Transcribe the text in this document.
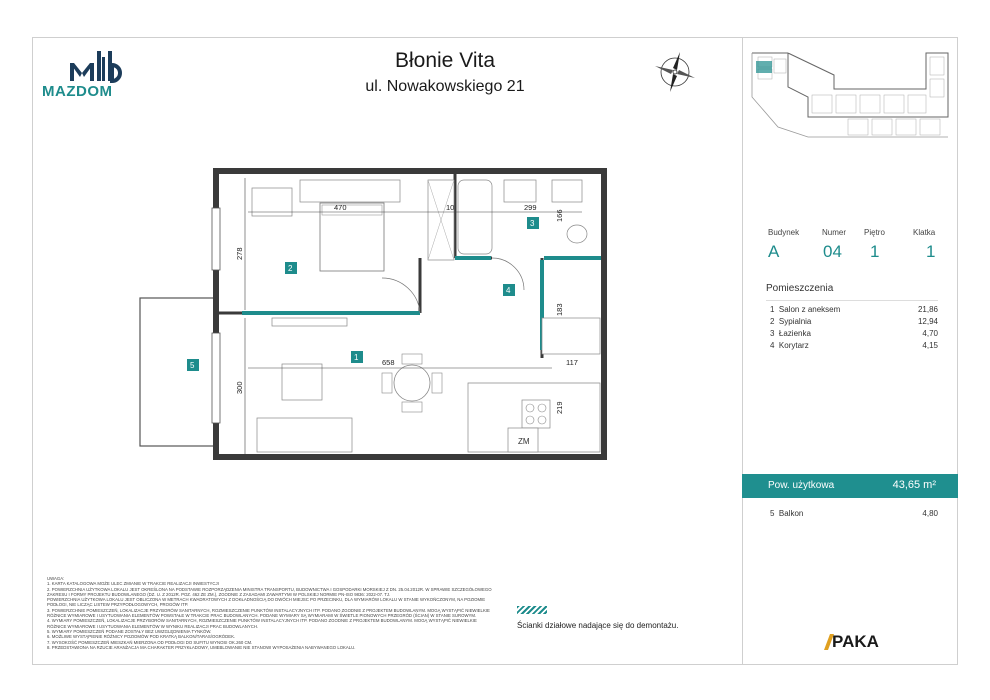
MAZDOM
Błonie Vita
ul. Nowakowskiego 21
ZM
470	10	299
166
278
183
658	117
300
219
2
1
3
4
5
Budynek	Numer Piętro	Klatka
A	04 1	1
Pomieszczenia
1 Salon z aneksem	21,86
2 Sypialnia	12,94
3 Łazienka	4,70
4 Korytarz	4,15
Pow. użytkowa	43,65 m²
5 Balkon	4,80

UWAGA:

1. KARTA KATALOGOWA MOŻE ULEC ZMIANIE W TRAKCIE REALIZACJI INWESTYCJI

2. POWIERZCHNIA UŻYTKOWA LOKALU JEST OKREŚLONA NA PODSTAWIE ROZPORZĄDZENIA MINISTRA TRANSPORTU, BUDOWNICTWA I GOSPODARKI MORSKIEJ Z DN. 25.04.2012R. W SPRAWIE SZCZEGÓŁOWEGO ZAKRESU I FORMY PROJEKTU BUDOWLANEGO (DZ. U. Z 2012R. POZ. 462 ZE ZM.), ZGODNIE Z ZASADAMI ZAWARTYMI W POLSKIEJ NORMIE PN-ISO 9836: 2022-07. TJ.

POWIERZCHNIA UŻYTKOWA LOKALU JEST OBLICZONA W METRACH KWADRATOWYCH Z DOKŁADNOŚCIĄ DO DWÓCH MIEJSC PO PRZECINKU, DLA WYMIARÓW LOKALU W STANIE WYKOŃCZONYM, NA POZIOMIE PODŁOGI, NIE LICZĄC LISTEW PRZYPODŁOGOWYCH, PROGÓW ITP.

3. POWIERZCHNIE POMIESZCZEŃ, LOKALIZACJE PRZYBORÓW SANITARNYCH, ROZMIESZCZENIE PUNKTÓW INSTALACYJNYCH ITP. PODANO ZGODNIE Z PROJEKTEM BUDOWLANYM. MOGĄ WYSTĄPIĆ NIEWIELKIE RÓŻNICE WYMIAROWE I USYTUOWANIA ELEMENTÓW POWSTAŁE W TRAKCIE PRAC BUDOWLANYCH. PODANE WYMIARY SĄ WYMIARAMI W ŚWIETLE PIONOWYCH PRZEGRÓD (ŚCIAN) W STANIE SUROWYM.

4. WYMIARY POMIESZCZEŃ, LOKALIZACJE PRZYBORÓW SANITARNYCH, ROZMIESZCZENIE PUNKTÓW INSTALACYJNYCH ITP. PODANO ZGODNIE Z PROJEKTEM BUDOWLANYM. MOGĄ WYSTĄPIĆ NIEWIELKIE RÓŻNICE WYMIAROWE I USYTUOWANIA ELEMENTÓW W WYNIKU REALIZACJI PRAC BUDOWLANYCH.

5. WYMIARY POMIESZCZEŃ PODANE ZOSTAŁY BEZ UWZGLĘDNIENIA TYNKÓW.

6. MOŻLIWE WYSTĄPIENIE RÓŻNICY POZIOMÓW POD KRATKĄ BALKON/TARAS/OGRÓDEK.

7. WYSOKOŚĆ POMIESZCZEŃ MIESZKAŃ MIERZONA OD PODŁOGI DO SUFITU WYNOSI OK.260 CM.

8. PRZEDSTAWIONA NA RZUCIE ARANŻACJA MA CHARAKTER PRZYKŁADOWY, UMEBLOWANIE NIE STANOWI WYPOSAŻENIA NABYWANEGO LOKALU.

Ścianki działowe nadające się do demontażu.
PAKA
